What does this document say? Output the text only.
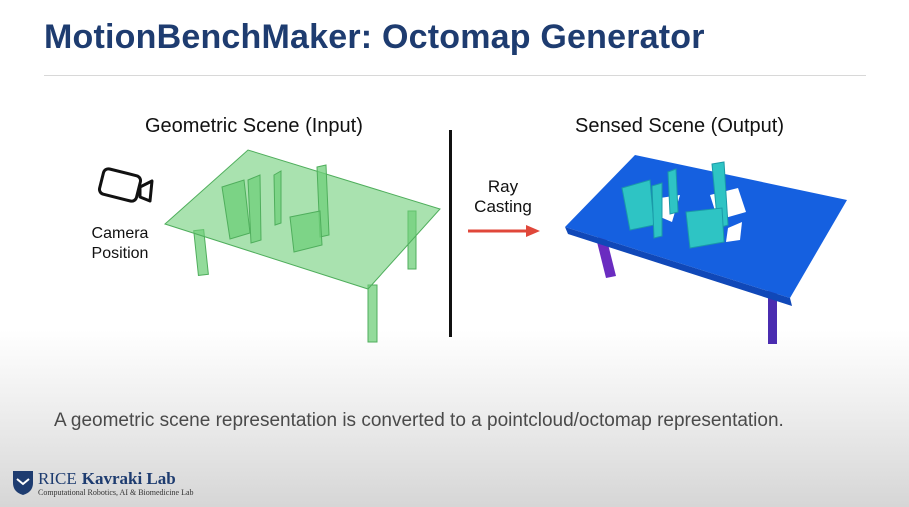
MotionBenchMaker: Octomap Generator
Geometric Scene (Input)
Camera
Position
Ray
Casting
Sensed Scene (Output)
A geometric scene representation is converted to a pointcloud/octomap representation.
RICE Kavraki Lab
Computational Robotics, AI & Biomedicine Lab
